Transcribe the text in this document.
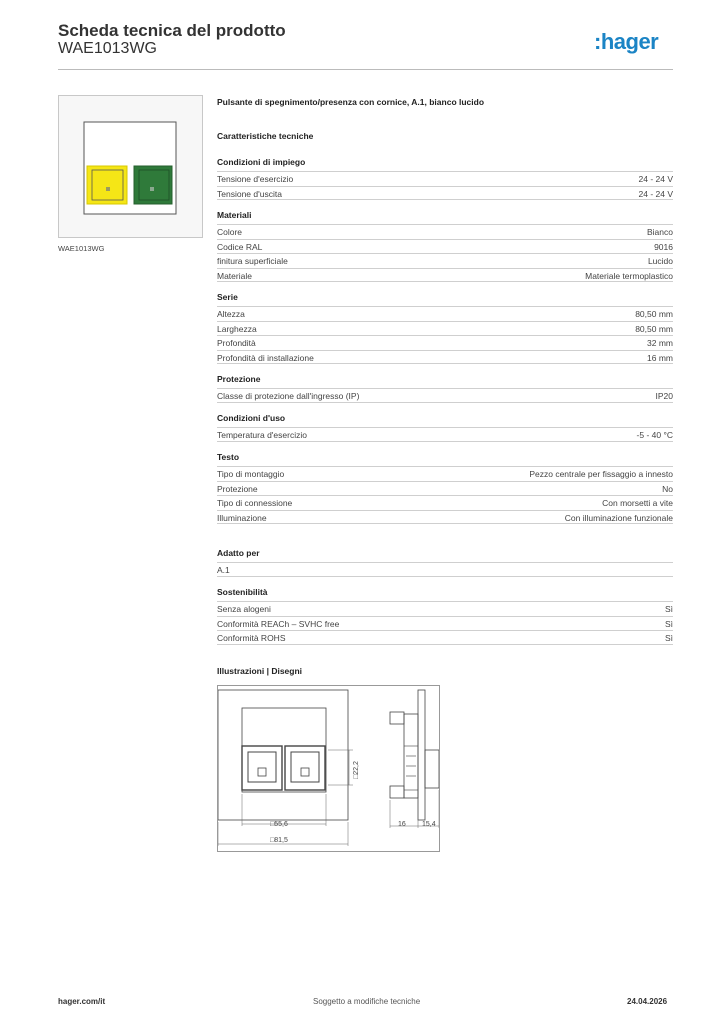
Scheda tecnica del prodotto
WAE1013WG	:hager
WAE1013WG
Pulsante di spegnimento/presenza con cornice, A.1, bianco lucido
Caratteristiche tecniche
Condizioni di impiego
Tensione d'esercizio	24 - 24 V
Tensione d'uscita	24 - 24 V
Materiali
Colore	Bianco
Codice RAL	9016
finitura superficiale	Lucido
Materiale	Materiale termoplastico
Serie
Altezza	80,50 mm
Larghezza	80,50 mm
Profondità	32 mm
Profondità di installazione	16 mm
Protezione
Classe di protezione dall'ingresso (IP)	IP20
Condizioni d'uso
Temperatura d'esercizio	-5 - 40 °C
Testo
Tipo di montaggio	Pezzo centrale per fissaggio a innesto
Protezione	No
Tipo di connessione	Con morsetti a vite
Illuminazione	Con illuminazione funzionale
Adatto per
A.1
Sostenibilità
Senza alogeni	Sì
Conformità REACh – SVHC free	Sì
Conformità ROHS	Sì
Illustrazioni | Disegni
□22,2
□55,6
□81,5
16 15,4
hager.com/it	Soggetto a modifiche tecniche	24.04.2026
